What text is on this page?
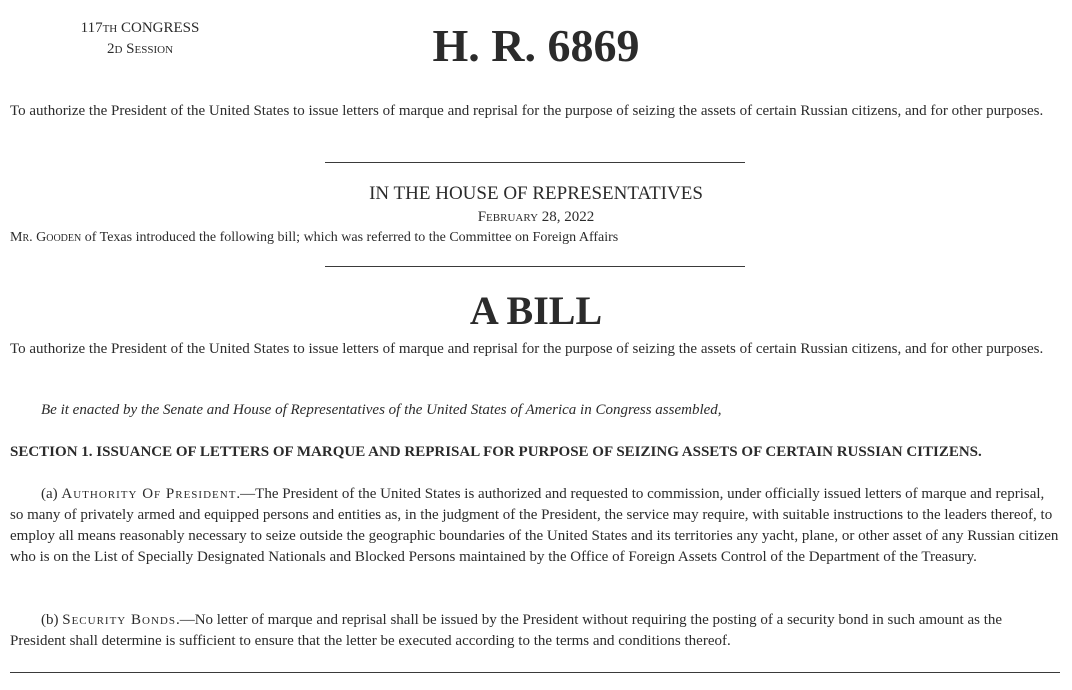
117th CONGRESS
2d Session	H. R. 6869
To authorize the President of the United States to issue letters of marque and reprisal for the purpose of seizing the assets of certain Russian citizens, and for other purposes.
IN THE HOUSE OF REPRESENTATIVES
February 28, 2022
Mr. Gooden of Texas introduced the following bill; which was referred to the Committee on Foreign Affairs
A BILL
To authorize the President of the United States to issue letters of marque and reprisal for the purpose of seizing the assets of certain Russian citizens, and for other purposes.
Be it enacted by the Senate and House of Representatives of the United States of America in Congress assembled,
SECTION 1. ISSUANCE OF LETTERS OF MARQUE AND REPRISAL FOR PURPOSE OF SEIZING ASSETS OF CERTAIN RUSSIAN CITIZENS.
(a) Authority Of President.—The President of the United States is authorized and requested to commission, under officially issued letters of marque and reprisal, so many of privately armed and equipped persons and entities as, in the judgment of the President, the service may require, with suitable instructions to the leaders thereof, to employ all means reasonably necessary to seize outside the geographic boundaries of the United States and its territories any yacht, plane, or other asset of any Russian citizen who is on the List of Specially Designated Nationals and Blocked Persons maintained by the Office of Foreign Assets Control of the Department of the Treasury.
(b) Security Bonds.—No letter of marque and reprisal shall be issued by the President without requiring the posting of a security bond in such amount as the President shall determine is sufficient to ensure that the letter be executed according to the terms and conditions thereof.
